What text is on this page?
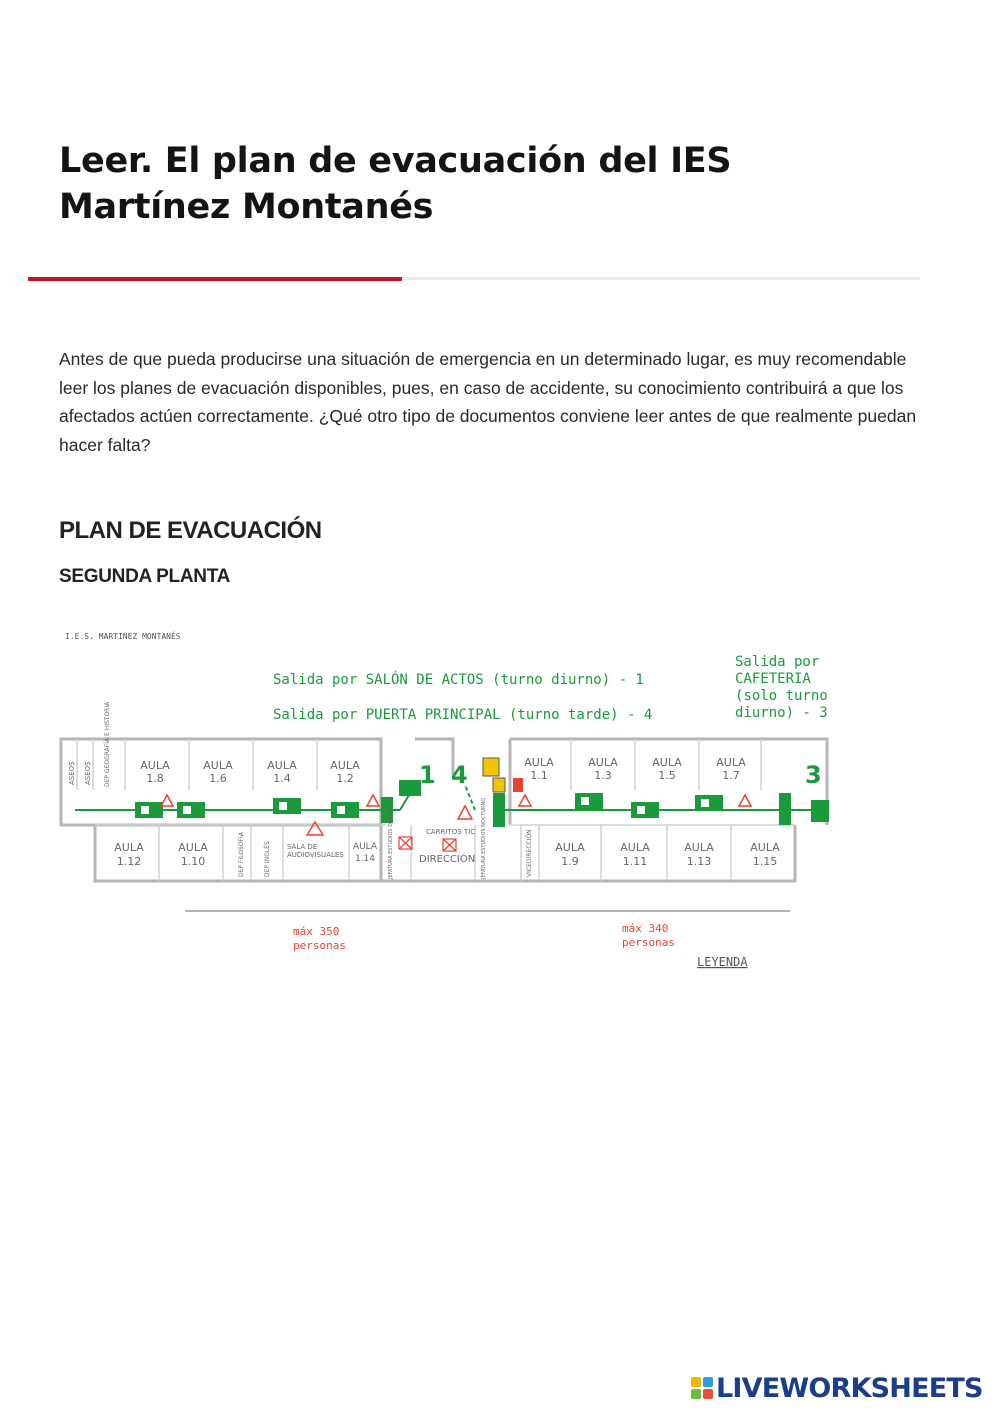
Leer. El plan de evacuación del IES
Martínez Montanés

Antes de que pueda producirse una situación de emergencia en un determinado lugar, es muy recomendable leer los planes de evacuación disponibles, pues, en caso de accidente, su conocimiento contribuirá a que los afectados actúen correctamente. ¿Qué otro tipo de documentos conviene leer antes de que realmente puedan hacer falta?

PLAN DE EVACUACIÓN
SEGUNDA PLANTA
I.E.S. MARTINEZ MONTANÉS
Salida por SALÓN DE ACTOS (turno diurno) - 1
Salida por PUERTA PRINCIPAL (turno tarde) - 4
Salida por
CAFETERIA
(solo turno
diurno) - 3
AULA
1.8
AULA
1.6
AULA
1.4
AULA
1.2
AULA
1.1
AULA
1.3
AULA
1.5
AULA
1.7
AULA
1.12
AULA
1.10
AULA
1.14
AULA
1.9
AULA
1.11
AULA
1.13
AULA
1.15
ASEOS ASEOS DEP GEOGRAFÍA E HISTORIA
DEP FILOSOFÍA	DEP INGLÉS SALA DE
AUDIOVISUALES	JEFATURA ESTUDIOS DIURNO	CARRITOS TIC
DIRECCIÓN JEFATURA ESTUDIOS NOCTURNO	VICEDIRECCIÓN
1 4	3
máx 350
personas
máx 340
personas
LEYENDA
LIVEWORKSHEETS
